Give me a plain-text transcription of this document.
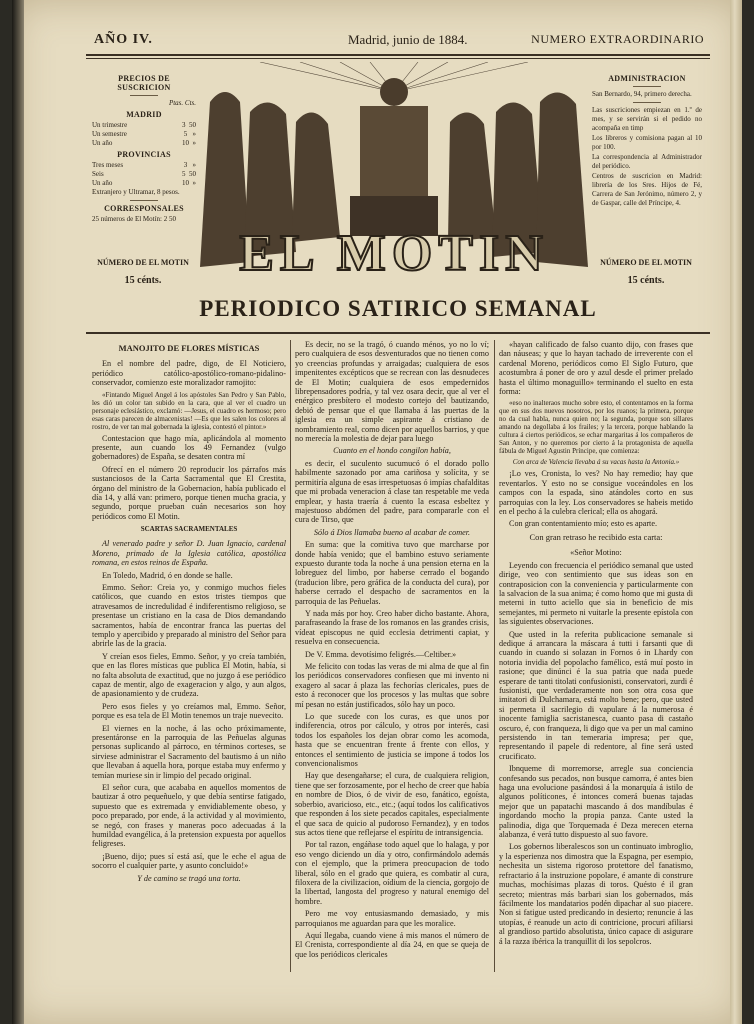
AÑO IV.	Madrid, junio de 1884.	NUMERO EXTRAORDINARIO
PRECIOS DE SUSCRICION
Ptas. Cts.
MADRID
Un trimestre	3  50
Un semestre	5   »
Un año	10  »
PROVINCIAS
Tres meses	3   »
Seis	5  50
Un año	10  »
Extranjero y Ultramar, 8 pesos.
CORRESPONSALES
25 números de El Motín: 2 50
NÚMERO DE EL MOTIN
15 cénts.
ADMINISTRACION

San Bernardo, 94, primero derecha.

Las suscriciones empiezan en 1.º de mes, y se servirán si el pedido no acompaña en timp

Los libreros y comisiona pagan al 10 por 100.

La correspondencia al Administrador del periódico.

Centros de suscricion en Madrid: librería de los Sres. Hijos de Fé, Carrera de San Jerónimo, número 2, y de Gaspar, calle del Príncipe, 4.

NÚMERO DE EL MOTIN
15 cénts.
EL MOTIN
PERIODICO SATIRICO SEMANAL

MANOJITO DE FLORES MÍSTICAS

En el nombre del padre, digo, de El Noticiero, periódico católico-apostólico-romano-pidalino-conservador, comienzo este moralizador ramojito:

«Fintando Miguel Angel á los apóstoles San Pedro y San Pablo, les dió un color tan subido en la cara, que al ver el cuadro un personaje eclesiástico, exclamó: —Jesus, el cuadro es hermoso; pero esas caras parecen de almacenistas! —Es que les salen los colores al rostro, de ver tan mal gobernada la iglesia, contestó el pintor.»

Contestacion que hago mía, aplicándola al momento presente, aun cuando los 49 Fernandez (vulgo gobernadores) de España, se desaten contra mí

Ofrecí en el número 20 reproducir los párrafos más sustanciosos de la Carta Sacramental que El Crestita, órgano del ministro de la Gobernacion, había publicado el día 14, y allá van: primero, porque tienen mucha gracia, y segundo, porque prueban cuán necesarios son hoy periódicos como El Motin.

SCARTAS SACRAMENTALES

Al venerado padre y señor D. Juan Ignacio, cardenal Moreno, primado de la Iglesia católica, apostólica romana, en estos reinos de España.

En Toledo, Madrid, ó en donde se halle.

Emmo. Señor: Creia yo, y conmigo muchos fieles católicos, que cuando en estos tristes tiempos que atravesamos de incredulidad é indiferentismo religioso, se presentase un cristiano en la casa de Dios demandando sacramentos, había de encontrar franca las puertas del templo y apercibido y preparado al ministro del Señor para abrirle las de la gracia.

Y creían esos fieles, Emmo. Señor, y yo creía también, que en las flores místicas que publica El Motin, había, si no falta absoluta de exactitud, que no juzgo á ese periódico capaz de mentir, algo de exageracion y algo, y aun algos, de apasionamiento y de crudeza.

Pero esos fieles y yo creíamos mal, Emmo. Señor, porque es esa tela de El Motin tenemos un traje nuevecito.

El viernes en la noche, á las ocho próximamente, presentáronse en la parroquia de las Peñuelas algunas personas suplicando al párroco, en términos corteses, se sirviese administrar el Sacramento del bautismo á un niño que llevaban á aquella hora, porque estaba muy enfermo y temían muriese sin ir limpio del pecado original.

El señor cura, que acababa en aquellos momentos de bautizar á otro pequeñuelo, y que debía sentirse fatigado, supuesto que es extremada y envidiablemente obeso, y poco preparado, por ende, á la actividad y al movimiento, se negó, con frases y maneras poco adecuadas á la humildad evangélica, á la pretension expuesta por aquellos feligreses.

¡Bueno, dijo; pues sí está así, que le eche el agua de socorro el cualquier parte, y asunto concluido!»

Y de camino se tragó una torta.

Es decir, no se la tragó, ó cuando ménos, yo no lo ví; pero cualquiera de esos desventurados que no tienen como yo creencias profundas y arraigadas; cualquiera de esos impenitentes excépticos que se recrean con las desnudeces de El Motin; cualquiera de esos empedernidos librepensadores podría, y tal vez osara decir, que al ver el enérgico presbítero el modesto cortejo del bautizando, debió de pensar que el que llamaba á las puertas de la iglesia era un simple aspirante á cristiano de nombramiento real, como dicen por aquellos barrios, y que no merecía la molestia de dejar para luego

Cuanto en el hondo congilon había,

es decir, el suculento sucumucó ó el dorado pollo habilmente sazonado por ama cariñosa y solícita, y se permitiría alguna de esas irrespetuosas ó impías chafalditas que mi probada veneracion á clase tan respetable me veda emplear, y hasta traería á cuento la escasa esbeltez y majestuoso abdómen del padre, para compararle con el cura de Tirso, que

Sólo á Dios llamaba bueno al acabar de comer.

En suma: que la comitiva tuvo que marcharse por donde había venido; que el bambino estuvo seriamente expuesto durante toda la noche á una pension eterna en la lobreguez del limbo, por haberse cerrado el bogando (traducion libre, pero gráfica de la conducta del cura), por haberse cerrado el despacho de sacramentos en la parroquia de las Peñuelas.

Y nada más por hoy. Creo haber dicho bastante. Ahora, parafraseando la frase de los romanos en las grandes crisis, vídeat episcopus ne quid ecclesia detrimenti capiat, y resuelva en consecuencia.

De V. Emma. devotísimo feligrés.—Celtiber.»

Me felicito con todas las veras de mi alma de que al fin los periódicos conservadores confiesen que mi invento ni exagero al sacar á plaza las fechorías clericales, pues de esto á reconocer que los procesos y las multas que sobre mí pesan no están justificados, sólo hay un poco.

Lo que sucede con los curas, es que unos por indiferencia, otros por cálculo, y otros por interés, casi todos los españoles los dejan obrar como les acomoda, hasta que se encuentran frente á frente con ellos, y entonces el sentimiento de justicia se impone á todos los convencionalismos

Hay que desengañarse; el cura, de cualquiera religion, tiene que ser forzosamente, por el hecho de creer que había en nombre de Dios, ó de vivir de eso, fanático, egoísta, soberbio, avaricioso, etc., etc.; (aquí todos los calificativos que responden á los siete pecados capitales, especialmente el que saca de quicio al pudoroso Fernandez), y en todos sus actos tiene que reflejarse el espíritu de intransigencia.

Por tal razon, engáñase todo aquel que lo halaga, y por eso vengo diciendo un día y otro, confirmándolo además con el ejemplo, que la primera preocupacion de todo liberal, sólo en el grado que quiera, es combatir al cura, filoxera de la civilizacion, oídium de la ciencia, gorgojo de la libertad, langosta del progreso y natural enemigo del hombre.

Pero me voy entusiasmando demasiado, y mis parroquianos me aguardan para que les moralice.

Aquí llegaba, cuando viene á mis manos el número de El Crenista, correspondiente al día 24, en que se queja de que los periódicos clericales

«hayan calificado de falso cuanto dijo, con frases que dan náuseas; y que lo hayan tachado de irreverente con el cardenal Moreno, periódicos como El Siglo Futuro, que acostumbra á poner de oro y azul desde el primer prelado hasta el último monaguillo» terminando el suelto en esta forma:

«eso no inalteraos mucho sobre esto, el contentamos en la forma que en sus dos nuevos nosotros, por los ruanos; la primera, porque no da cual habla, nunca quien no; la segunda, porque son sillares amando na degollaba á los frailes; y la tercera, porque hablando la cultura á ciertos periódicos, se echar margaritas á los compañeros de San Anton, y no queremos por cierto á la protagonista de aquella fábula de Miguel Agustin Príncipe, que comienza:

Con arca de Valencia llevaba á su vacas hasta la Antonia.»

¡Lo ves, Cronista, lo ves? No hay remedio; hay que reventarlos. Y esto no se consigue voceándoles en los campos con la espada, sino atándoles corto en sus parroquias con la ley. Los conservadores se habeis metido en el pecho á la culebra clerical; ella os ahogará.

Con gran contentamiento mío; esto es aparte.

Con gran retraso he recibido esta carta:

«Señor Motino:

Leyendo con frecuencia el periódico semanal que usted dirige, veo con sentimiento que sus ideas son en contraposicion con la conveniencia y particularmente con la salvacion de la sua anima; é como homo que mi gusta di meterni in tutto aciello que sia in beneficio de mis semejantes, mi permeto ni vuitarle la presente epístola con las siguientes observaciones.

Que usted in la referita publicacione semanale si dedique á arrancara la máscara á tutti i farsanti que di cuando in cuando si solazan in Fornos ó in Lhardy con notoria invidia del popolacho famélico, está muí posto in rasione; que dinúnci é la sua patria que nada puede esperare de tanti titolati confusionisti, conservatori, zurdi é fusionisti, que verdaderamente non son otra cosa que imitatori di Dulchamara, está molto bene; pero, que usted si permeta il sacrilegio di vapulare á la numerosa é inocente famiglia sacristanesca, cuanto pasa di castaño oscuro, é, con franqueza, li digo que va per un mal camino persistendo in tan temeraria impresa; per que, representando il papele di redentore, al fine será usted crucificato.

Ibnqueme di morremorse, arregle sua conciencia confesando sus pecados, non busque camorra, é antes bien haga una evolucione pasándosi á la monarquía á istilo de algunos políticones, é intonces comerá buenas tajadas mejor que un papatachi mascando á dos mandíbulas é ingordando mocho la propia panza. Cante usted la palinodia, diga que Torquemada é Deza merecen eterna alabanza, é verá tutto dispuesto al suo favore.

Los gobernos liberalescos son un continuato imbroglio, y la esperienza nos dimostra que la Espagna, per esempio, nechesita un sistema rigoroso protettore del fanatismo, refractario á la instruzione popolare, é amante di construre muchas, mochísimas plazas di toros. Quésto é il gran secreto; mientras más barbari sian los gobernados, más fácilmente los mandatarios podén dipachar al suo piacere. Non si fatigue usted predicando in desierto; renuncie á las utopías, é reanude un acto di contricione, procuri afiliarsi al grandioso partido absolutista, único capace di asigurare á la razza ibérica la tranquillit di los sepolcros.
